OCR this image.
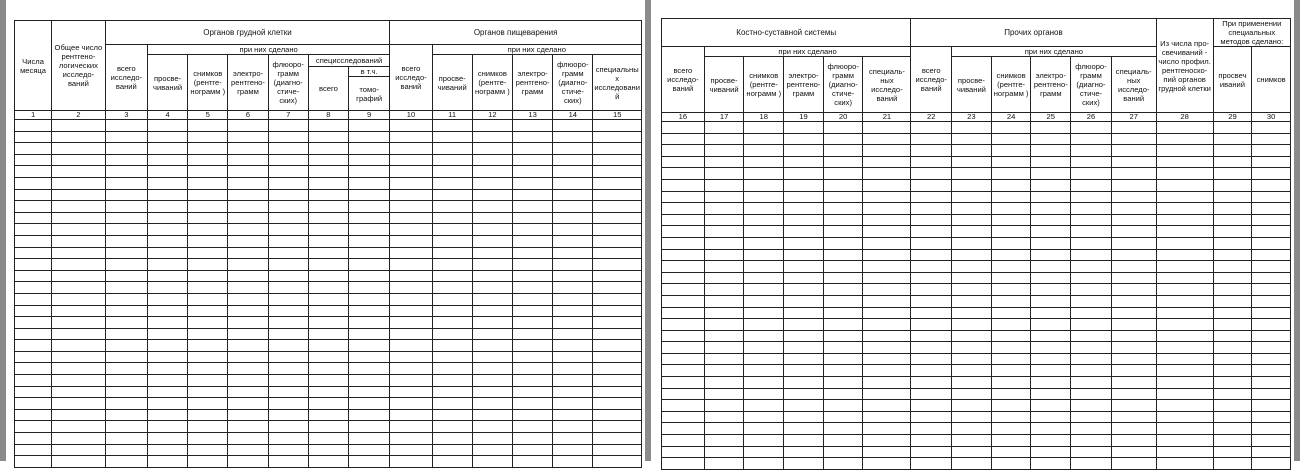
Числа месяца	Общее число рентгено-логических исследо-ваний	Органов грудной клетки							Органов пищеварения					
		всего исследо-ваний	при них сделано						всего исследо-ваний	при них сделано				
			просве-чиваний	снимков (рентге-нограмм )	электро-рентгено-грамм	флюоро-грамм (диагно-стиче-ских)	специсследований			просве-чиваний	снимков (рентге-нограмм )	электро-рентгено-грамм	флюоро-грамм (диагно-стиче-ских)	специальных исследований
							всего	в т.ч.						
								томо-графий						
1	2	3	4	5	6	7	8	9	10	11	12	13	14	15

Костно-суставной системы						Прочих органов						Из числа про-свечиваний - число профил. рентгеноско-пий органов грудной клетки	При применении специальных методов сделано:	
всего исследо-ваний	при них сделано					всего исследо-ваний	при них сделано						просвеч иваний	снимков
	просве-чиваний	снимков (рентге-нограмм )	электро-рентгено-грамм	флюоро-грамм (диагно-стиче-ских)	специаль-ных исследо-ваний		просве-чиваний	снимков (рентге-нограмм )	электро-рентгено-грамм	флюоро-грамм (диагно-стиче-ских)	специаль-ных исследо-ваний			
16	17	18	19	20	21	22	23	24	25	26	27	28	29	30
